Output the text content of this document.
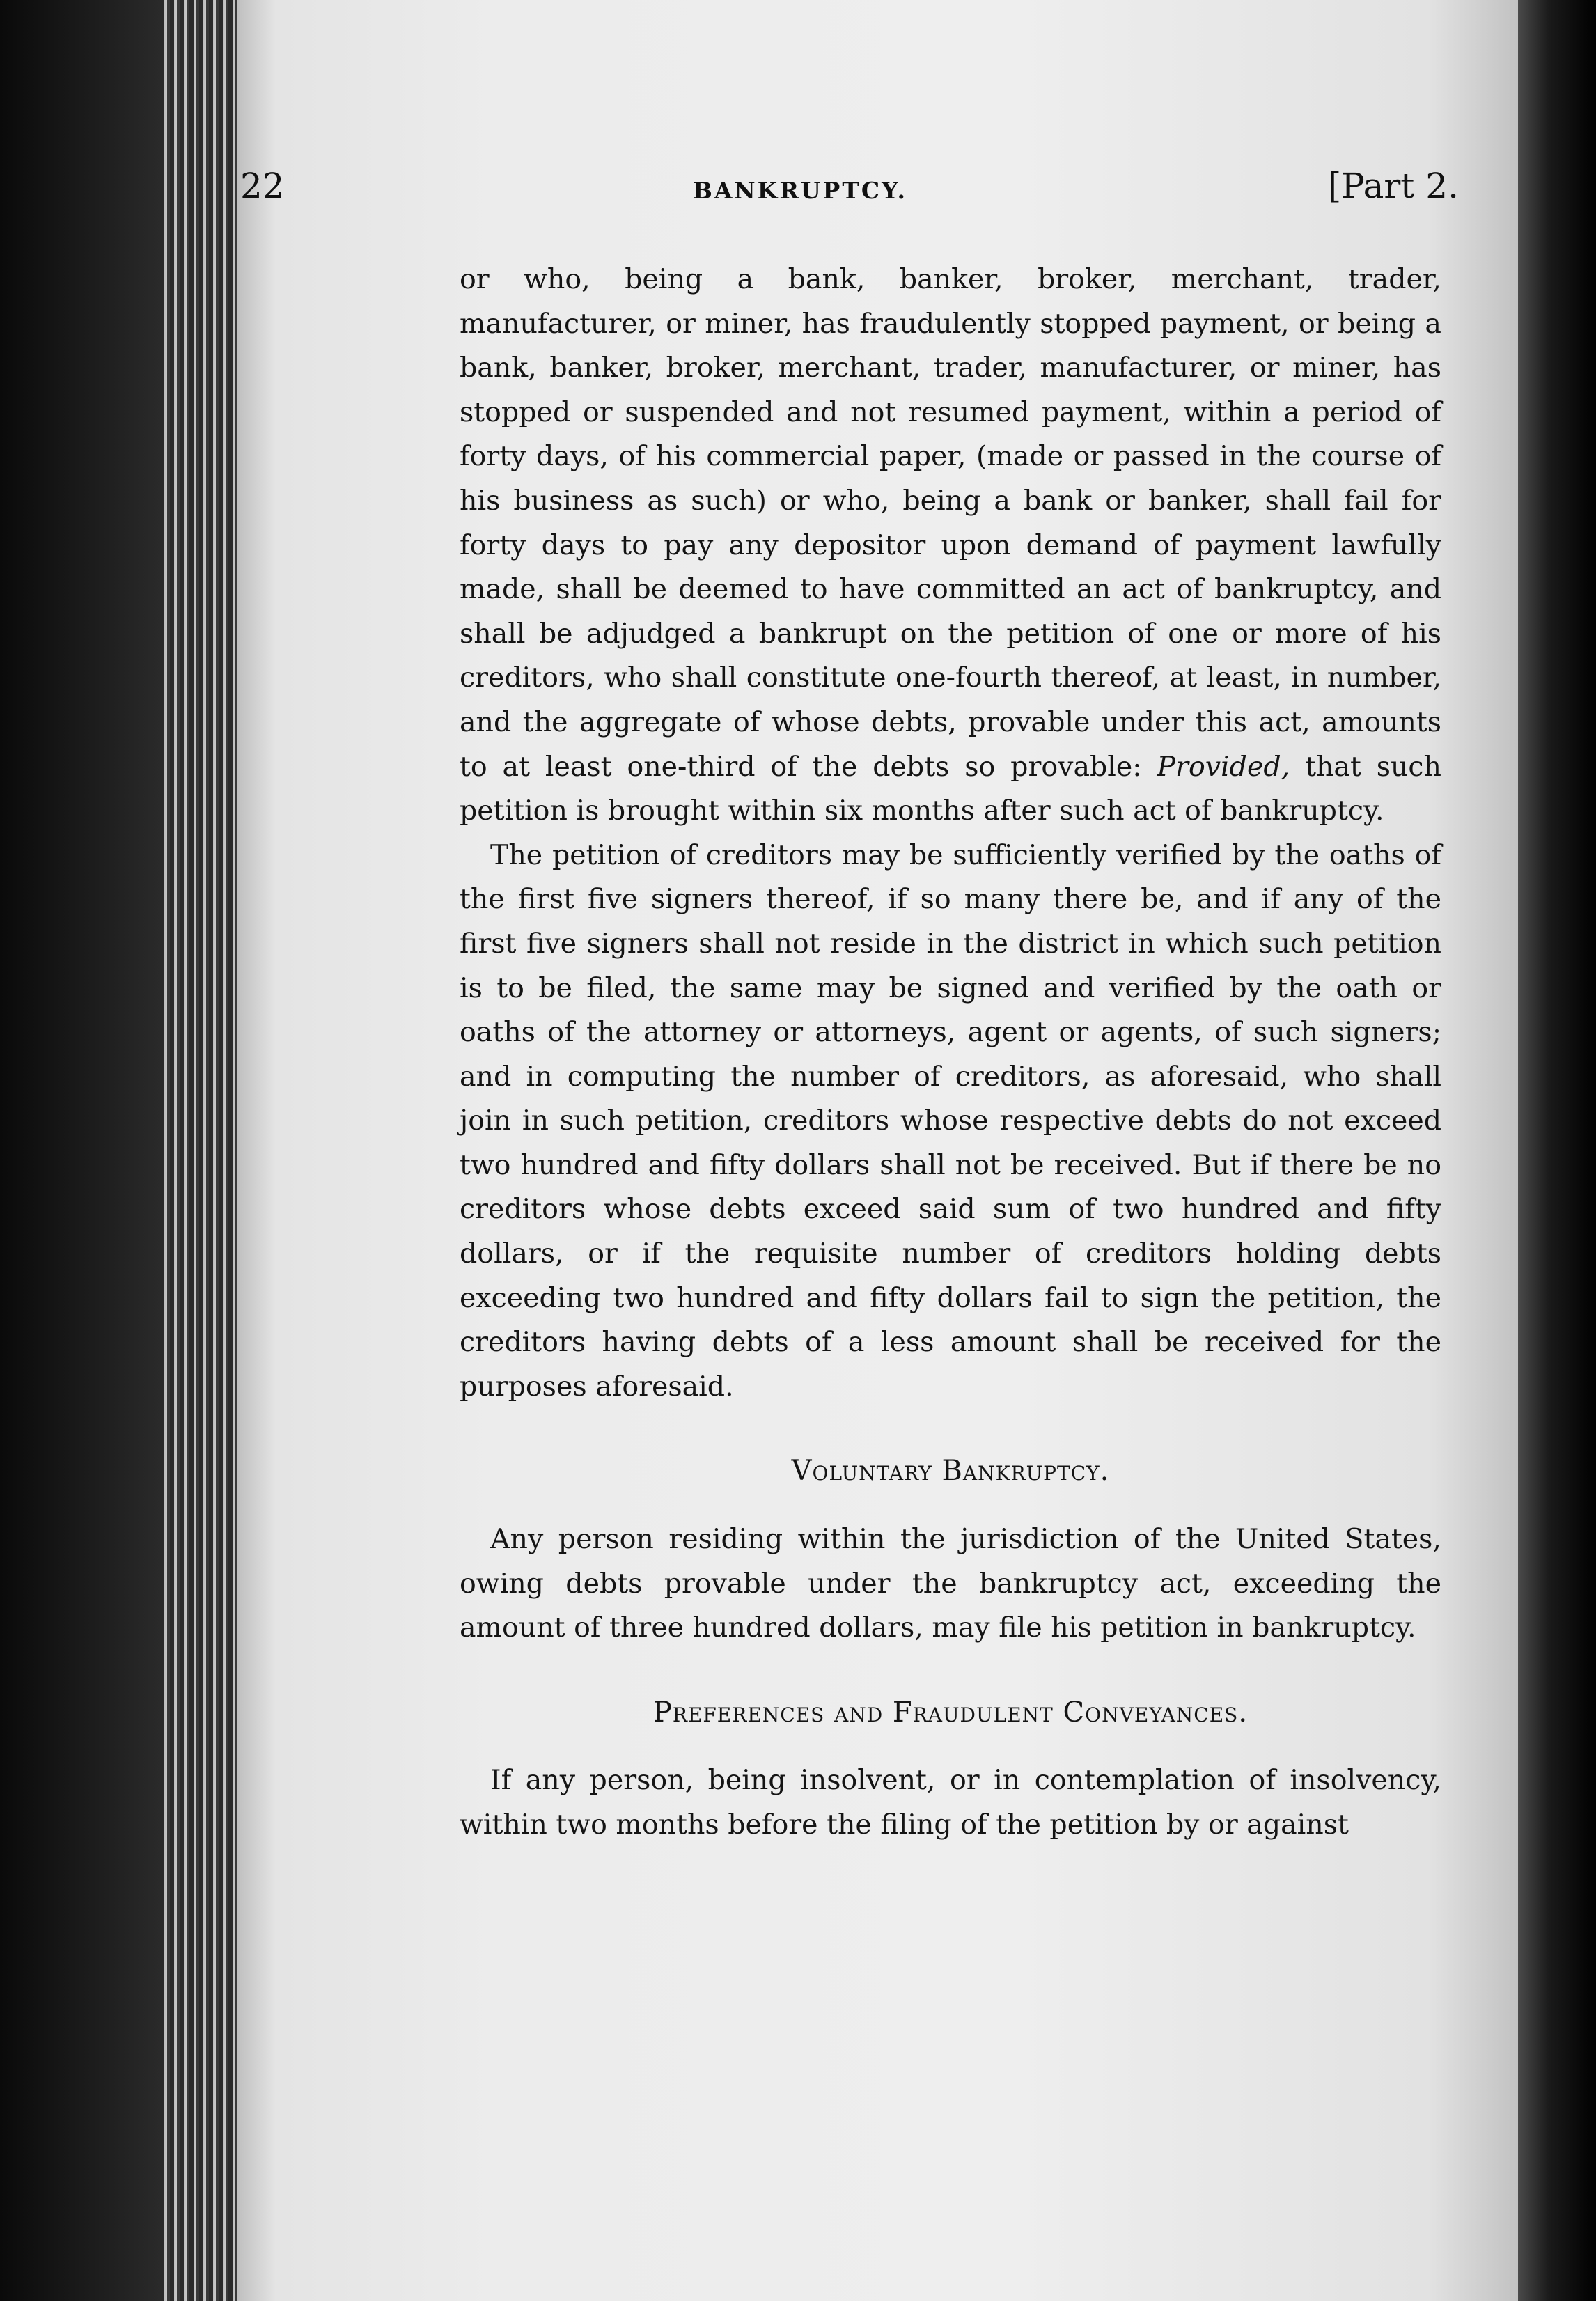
22	BANKRUPTCY.	[Part 2.

or who, being a bank, banker, broker, merchant, trader, manufacturer, or miner, has fraudulently stopped payment, or being a bank, banker, broker, merchant, trader, manufacturer, or miner, has stopped or suspended and not resumed payment, within a period of forty days, of his commercial paper, (made or passed in the course of his business as such) or who, being a bank or banker, shall fail for forty days to pay any depositor upon demand of payment lawfully made, shall be deemed to have committed an act of bankruptcy, and shall be adjudged a bankrupt on the petition of one or more of his creditors, who shall constitute one-fourth thereof, at least, in number, and the aggregate of whose debts, provable under this act, amounts to at least one-third of the debts so provable: Provided, that such petition is brought within six months after such act of bankruptcy.

The petition of creditors may be sufficiently verified by the oaths of the first five signers thereof, if so many there be, and if any of the first five signers shall not reside in the district in which such petition is to be filed, the same may be signed and verified by the oath or oaths of the attorney or attorneys, agent or agents, of such signers; and in computing the number of creditors, as aforesaid, who shall join in such petition, creditors whose respective debts do not exceed two hundred and fifty dollars shall not be received. But if there be no creditors whose debts exceed said sum of two hundred and fifty dollars, or if the requisite number of creditors holding debts exceeding two hundred and fifty dollars fail to sign the petition, the creditors having debts of a less amount shall be received for the purposes aforesaid.

Voluntary Bankruptcy.

Any person residing within the jurisdiction of the United States, owing debts provable under the bankruptcy act, exceeding the amount of three hundred dollars, may file his petition in bankruptcy.

Preferences and Fraudulent Conveyances.

If any person, being insolvent, or in contemplation of insolvency, within two months before the filing of the petition by or against
